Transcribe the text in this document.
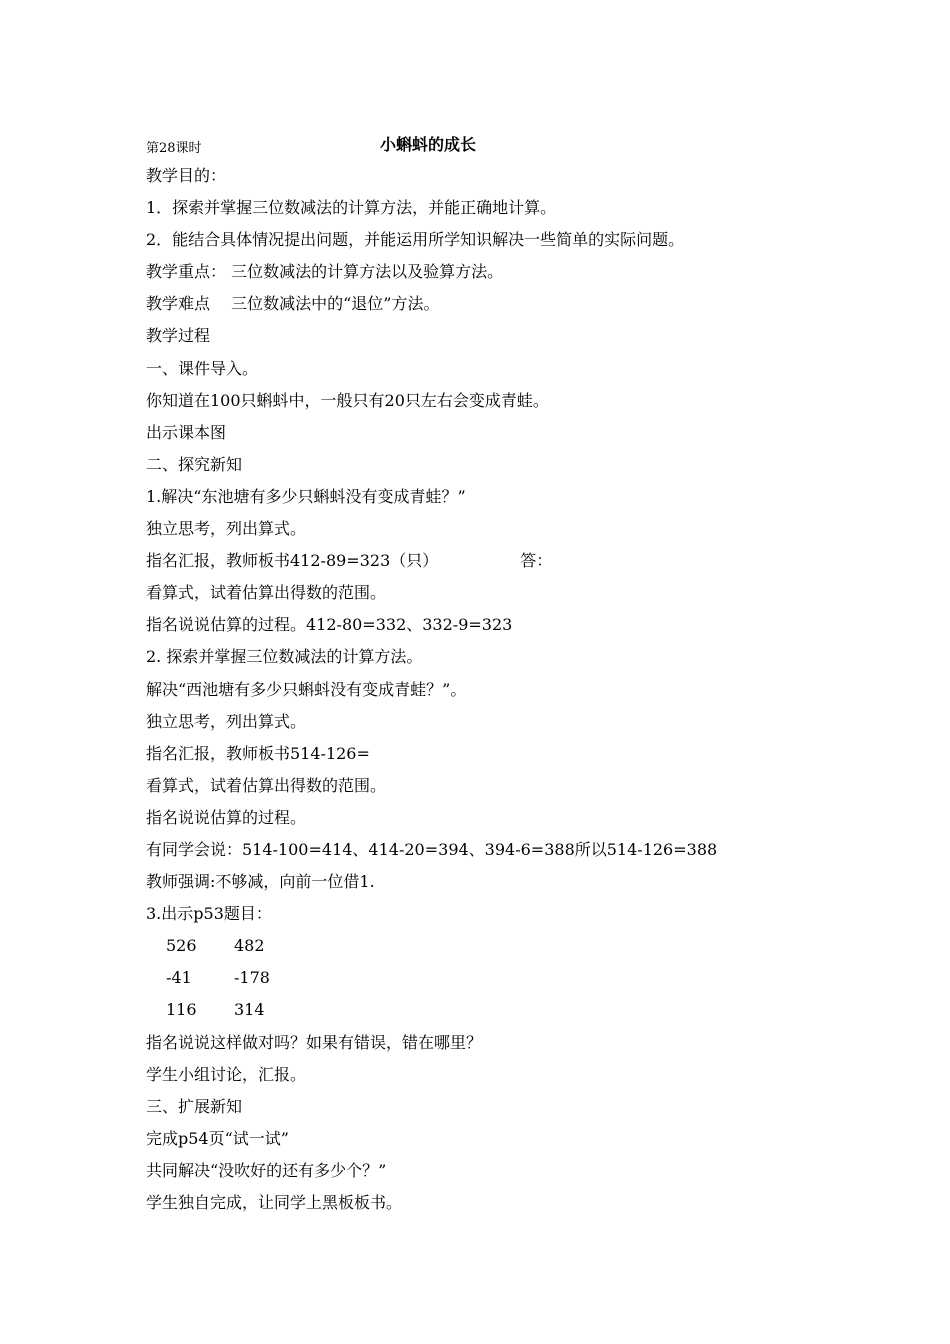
第28课时	小蝌蚪的成长
教学目的：
1．探索并掌握三位数减法的计算方法，并能正确地计算。
2．能结合具体情况提出问题，并能运用所学知识解决一些简单的实际问题。
教学重点： 三位数减法的计算方法以及验算方法。
教学难点　 三位数减法中的“退位”方法。
教学过程
一、课件导入。
你知道在100只蝌蚪中，一般只有20只左右会变成青蛙。
出示课本图
二、探究新知
1.解决“东池塘有多少只蝌蚪没有变成青蛙？”
独立思考，列出算式。
指名汇报，教师板书412-89=323（只）	答：
看算式，试着估算出得数的范围。
指名说说估算的过程。412-80=332、332-9=323
2. 探索并掌握三位数减法的计算方法。
解决“西池塘有多少只蝌蚪没有变成青蛙？”。
独立思考，列出算式。
指名汇报，教师板书514-126=
看算式，试着估算出得数的范围。
指名说说估算的过程。
有同学会说：514-100=414、414-20=394、394-6=388所以514-126=388
教师强调:不够减，向前一位借1.
3.出示p53题目：
526 482
-41	-178
116 314
指名说说这样做对吗？如果有错误，错在哪里？
学生小组讨论，汇报。
三、扩展新知
完成p54页“试一试”
共同解决“没吹好的还有多少个？”
学生独自完成，让同学上黑板板书。
